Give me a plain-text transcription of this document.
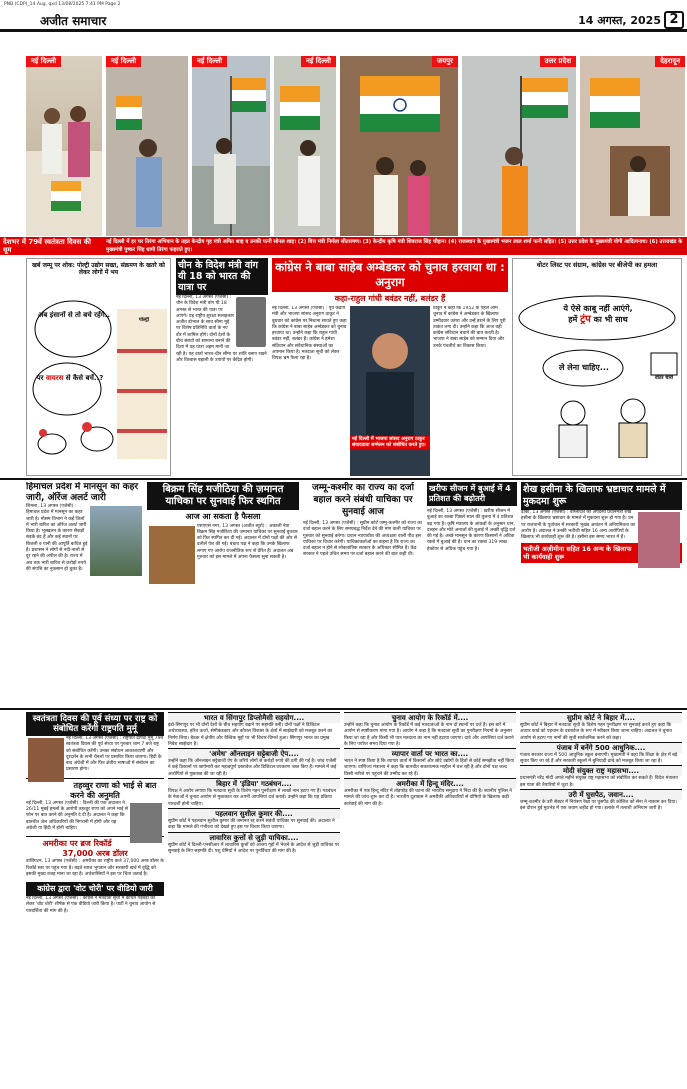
PNB (CDP)_14 Aug. qxd 13/08/2025 7:41 PM Page 2
अजीत समाचार	14 अगस्त, 2025 2
नई दिल्ली	नई दिल्ली	नई दिल्ली	नई दिल्ली	जयपुर	उत्तर प्रदेश	देहरादून
देशभर में 79वें स्वतंत्रता दिवस की धूम
नई दिल्ली में हर घर तिरंगा अभियान के तहत केन्द्रीय गृह मंत्री अमित शाह व उनकी पत्नी सोनल शाह। (2) वित्त मंत्री निर्मला सीतारमण। (3) केन्द्रीय कृषि मंत्री शिवराज सिंह चौहान। (4) राजस्थान के मुख्यमंत्री भजन लाल शर्मा पत्नी सहित। (5) उत्तर प्रदेश के मुख्यमंत्री योगी आदित्यनाथ। (6) उत्तराखंड के मुख्यमंत्री पुष्कर सिंह धामी तिरंगा फहराते हुए।
खर्ब जम्मू पर शोक: पोल्ट्री उद्योग सख्त, संक्रमण के खतरे को लेकर लोगों में भय
अब इंसानों से तो बचे रहेंगे..
पर वायरस से कैसे बचें..?
पोल्ट्री
चीन के विदेश मंत्री वांग यी 18 को भारत की यात्रा पर
नई दिल्ली, 13 अगस्त (एजेंसी) : चीन के विदेश मंत्री वांग यी 18 अगस्त से भारत की यात्रा पर आएंगे। वह राष्ट्रीय सुरक्षा सलाहकार अजीत डोभाल के साथ सीमा मुद्दे पर विशेष प्रतिनिधि वार्ता के नए दौर में शामिल होंगे। दोनों देशों के बीच संबंधों को सामान्य बनाने की दिशा में यह यात्रा अहम मानी जा रही है। यह वार्ता भारत-चीन सीमा पर शांति बनाए रखने और विश्वास बहाली के उपायों पर केंद्रित होगी।
कांग्रेस ने बाबा साहेब अम्बेडकर को चुनाव हरवाया था : अनुराग
कहा-राहुल गांधी बवंडर नहीं, बलंडर हैं
नई दिल्ली, 13 अगस्त (एजेंसी) : पूर्व केंद्रीय मंत्री और भाजपा सांसद अनुराग ठाकुर ने बुधवार को कांग्रेस पर निशाना साधते हुए कहा कि कांग्रेस ने बाबा साहेब अम्बेडकर को चुनाव हरवाया था। उन्होंने कहा कि राहुल गांधी बवंडर नहीं, बलंडर हैं। कांग्रेस ने हमेशा संविधान और संवैधानिक संस्थाओं का अपमान किया है। मतदाता सूची को लेकर विपक्ष भ्रम फैला रहा है।
नई दिल्ली में भाजपा सांसद अनुराग ठाकुर संवाददाता सम्मेलन को संबोधित करते हुए।
ठाकुर ने कहा कि 1952 के पहले आम चुनाव में कांग्रेस ने अम्बेडकर के खिलाफ उम्मीदवार उतारा और उन्हें हराने के लिए पूरी ताकत लगा दी। उन्होंने कहा कि आज वही कांग्रेस संविधान बचाने की बात करती है। भाजपा ने बाबा साहेब को सम्मान दिया और उनके पंचतीर्थ का विकास किया।
वोटर लिस्ट पर संग्राम, कांग्रेस पर बीजेपी का हमला
ये ऐसे काबू नहीं आएंगे,
हमें ट्रंप का भी साथ
ले लेना चाहिए...
वोटर चोरी
हिमाचल प्रदेश में मानसून का कहर जारी, ऑरेंज अलर्ट जारी
शिमला, 13 अगस्त (एजेंसी) : हिमाचल प्रदेश में मानसून का कहर जारी है। मौसम विभाग ने कई जिलों में भारी बारिश का ऑरेंज अलर्ट जारी किया है। भूस्खलन के कारण सैकड़ों सड़कें बंद हैं और कई स्थानों पर बिजली व पानी की आपूर्ति बाधित हुई है। प्रशासन ने लोगों से नदी-नालों से दूर रहने की अपील की है। राज्य में अब तक भारी बारिश से करोड़ों रुपये की संपत्ति का नुकसान हो चुका है।
बिक्रम सिंह मजीठिया की ज़मानत याचिका पर सुनवाई फिर स्थगित
आज आ सकता है फैसला
एसएएस नगर, 13 अगस्त (अजीत ब्यूरो) : अकाली नेता बिक्रम सिंह मजीठिया की जमानत याचिका पर सुनवाई बुधवार को फिर स्थगित कर दी गई। अदालत में दोनों पक्षों की ओर से दलीलें पेश की गईं। बचाव पक्ष ने कहा कि उनके खिलाफ लगाए गए आरोप राजनीतिक रूप से प्रेरित हैं। अदालत अब गुरुवार को इस मामले में अपना फैसला सुना सकती है।
जम्मू-कश्मीर का राज्य का दर्जा बहाल करने संबंधी याचिका पर सुनवाई आज
नई दिल्ली, 13 अगस्त (एजेंसी) : सुप्रीम कोर्ट जम्मू-कश्मीर को राज्य का दर्जा बहाल करने के लिए समयबद्ध निर्देश देने की मांग वाली याचिका पर गुरुवार को सुनवाई करेगा। प्रधान न्यायाधीश की अध्यक्षता वाली पीठ इस याचिका पर विचार करेगी। याचिकाकर्ताओं का कहना है कि राज्य का दर्जा बहाल न होने से लोकतांत्रिक सरकार के अधिकार सीमित हैं। केंद्र सरकार ने पहले उचित समय पर दर्जा बहाल करने की बात कही थी।
खरीफ सीजन में बुआई में 4 प्रतिशत की बढ़ोतरी
नई दिल्ली, 13 अगस्त (एजेंसी) : खरीफ सीजन में बुआई का रकबा पिछले साल की तुलना में 4 प्रतिशत बढ़ गया है। कृषि मंत्रालय के आंकड़ों के अनुसार धान, दलहन और मोटे अनाजों की बुआई में अच्छी वृद्धि दर्ज की गई है। अच्छे मानसून के कारण किसानों ने अधिक रकबे में बुआई की है। धान का रकबा 319 लाख हेक्टेयर से अधिक पहुंच गया है।
शेख हसीना के खिलाफ भ्रष्टाचार मामले में मुकदमा शुरू
ढाका, 13 अगस्त (एजेंसी) : बांग्लादेश की अपदस्थ प्रधानमंत्री शेख हसीना के खिलाफ भ्रष्टाचार के मामले में मुकदमा शुरू हो गया है। उन पर राजधानी के पूर्वाचल में सरकारी भूखंड आवंटन में अनियमितता का आरोप है। अदालत ने उनकी भतीजी सहित 16 अन्य आरोपियों के खिलाफ भी कार्यवाही शुरू की है। हसीना इस समय भारत में हैं।
भतीजी अज़ीमीना सहित 16 अन्य के खिलाफ भी कार्यवाही शुरू
स्वतंत्रता दिवस की पूर्व संध्या पर राष्ट्र को संबोधित करेंगी राष्ट्रपति मुर्मू
नई दिल्ली, 13 अगस्त (एजेंसी) : राष्ट्रपति द्रौपदी मुर्मू 79वें स्वतंत्रता दिवस की पूर्व संध्या पर गुरुवार शाम 7 बजे राष्ट्र को संबोधित करेंगी। उनका संबोधन आकाशवाणी और दूरदर्शन के सभी चैनलों पर प्रसारित किया जाएगा। हिंदी के बाद अंग्रेजी में और फिर क्षेत्रीय भाषाओं में संबोधन का प्रसारण होगा।
तहव्वुर राणा को भाई से बात करने की अनुमति
नई दिल्ली, 13 अगस्त (एजेंसी) : दिल्ली की एक अदालत ने 26/11 मुंबई हमलों के आरोपी तहव्वुर राणा को अपने भाई से फोन पर बात करने की अनुमति दे दी है। अदालत ने कहा कि बातचीत जेल अधिकारियों की निगरानी में होगी और यह अंग्रेजी या हिंदी में होनी चाहिए।
अमरीका पर ब्रज रिकॉर्ड 37,000 अरब डॉलर
वाशिंगटन, 13 अगस्त (एजेंसी) : अमरीका का राष्ट्रीय कर्ज 37,000 अरब डॉलर के रिकॉर्ड स्तर पर पहुंच गया है। बढ़ते ब्याज भुगतान और सरकारी खर्च में वृद्धि को इसकी मुख्य वजह माना जा रहा है। अर्थशास्त्रियों ने इस पर चिंता जताई है।
कांग्रेस द्वारा 'वोट चोरी' पर वीडियो जारी
नई दिल्ली, 13 अगस्त (एजेंसी) : कांग्रेस ने मतदाता सूची में कथित गड़बड़ी को लेकर 'वोट चोरी' शीर्षक से एक वीडियो जारी किया है। पार्टी ने चुनाव आयोग से पारदर्शिता की मांग की है।
भारत व सिंगापुर डिप्लोमैसी सहयोग....
इंडो-सिंगापुर पर भी दोनों देशों के बीच सहयोग बढ़ाने पर सहमति बनी। दोनों पक्षों ने डिजिटल अर्थव्यवस्था, हरित ऊर्जा, सेमीकंडक्टर और कौशल विकास के क्षेत्रों में साझेदारी को मजबूत करने का निर्णय लिया। बैठक में क्षेत्रीय और वैश्विक मुद्दों पर भी विचार-विमर्श हुआ। सिंगापुर भारत का प्रमुख निवेश साझेदार है।
'अमेध' ऑनलाइन सट्टेबाजी ऐप....
उन्होंने कहा कि ऑनलाइन सट्टेबाजी ऐप के जरिये लोगों से करोड़ों रुपये की ठगी की गई है। जांच एजेंसी ने कई ठिकानों पर छापेमारी कर महत्वपूर्ण दस्तावेज और डिजिटल उपकरण जब्त किए हैं। मामले में कई आरोपियों से पूछताछ की जा रही है।
बिहार में 'इंडिया' गठबंधन....
विपक्ष ने आरोप लगाया कि मतदाता सूची के विशेष गहन पुनरीक्षण में लाखों नाम हटाए गए हैं। गठबंधन के नेताओं ने चुनाव आयोग से मुलाकात कर अपनी आपत्तियां दर्ज कराईं। उन्होंने कहा कि यह प्रक्रिया पारदर्शी होनी चाहिए।
पहलवान सुशील कुमार की....
सुप्रीम कोर्ट ने पहलवान सुशील कुमार की जमानत रद्द करने संबंधी याचिका पर सुनवाई की। अदालत ने कहा कि मामले की गंभीरता को देखते हुए इस पर विचार किया जाएगा।
लावारिस कुत्तों से जुड़ी याचिका....
सुप्रीम कोर्ट ने दिल्ली-एनसीआर में लावारिस कुत्तों को आश्रय गृहों में भेजने के आदेश से जुड़ी याचिका पर सुनवाई के लिए सहमति दी। पशु प्रेमियों ने आदेश पर पुनर्विचार की मांग की है।
चुनाव आयोग के रिकॉर्ड में....
उन्होंने कहा कि चुनाव आयोग के रिकॉर्ड में कई मतदाताओं के नाम दो स्थानों पर दर्ज हैं। इस बारे में आयोग से स्पष्टीकरण मांगा गया है। आयोग ने कहा है कि मतदाता सूची का पुनरीक्षण नियमों के अनुसार किया जा रहा है और किसी भी पात्र मतदाता का नाम नहीं हटाया जाएगा। दावे और आपत्तियां दर्ज कराने के लिए पर्याप्त समय दिया गया है।
व्यापार वार्ता पर भारत का....
भारत ने स्पष्ट किया है कि व्यापार वार्ता में किसानों और छोटे उद्योगों के हितों से कोई समझौता नहीं किया जाएगा। वाणिज्य मंत्रालय ने कहा कि बातचीत सकारात्मक माहौल में चल रही है और दोनों पक्ष जल्द किसी नतीजे पर पहुंचने की उम्मीद कर रहे हैं।
अमरीका में हिन्दू मंदिर....
अमरीका में एक हिन्दू मंदिर में तोड़फोड़ की घटना की भारतीय समुदाय ने निंदा की है। स्थानीय पुलिस ने मामले की जांच शुरू कर दी है। भारतीय दूतावास ने अमरीकी अधिकारियों से दोषियों के खिलाफ कड़ी कार्रवाई की मांग की है।
सुप्रीम कोर्ट ने बिहार में....
सुप्रीम कोर्ट ने बिहार में मतदाता सूची के विशेष गहन पुनरीक्षण पर सुनवाई करते हुए कहा कि आधार कार्ड को पहचान के दस्तावेज के रूप में स्वीकार किया जाना चाहिए। अदालत ने चुनाव आयोग से हटाए गए नामों की सूची सार्वजनिक करने को कहा।
पंजाब में बनेंगे 500 आधुनिक....
पंजाब सरकार राज्य में 500 आधुनिक स्कूल बनाएगी। मुख्यमंत्री ने कहा कि शिक्षा के क्षेत्र में बड़े सुधार किए जा रहे हैं और सरकारी स्कूलों में बुनियादी ढांचे को मजबूत किया जा रहा है।
मोदी संयुक्त राष्ट्र महासभा....
प्रधानमंत्री नरेंद्र मोदी अगले महीने संयुक्त राष्ट्र महासभा को संबोधित कर सकते हैं। विदेश मंत्रालय इस यात्रा की तैयारियों में जुटा है।
उरी में घुसपैठ, जवान....
जम्मू-कश्मीर के उरी सेक्टर में नियंत्रण रेखा पर घुसपैठ की कोशिश को सेना ने नाकाम कर दिया। इस दौरान हुई मुठभेड़ में एक जवान शहीद हो गया। इलाके में तलाशी अभियान जारी है।
